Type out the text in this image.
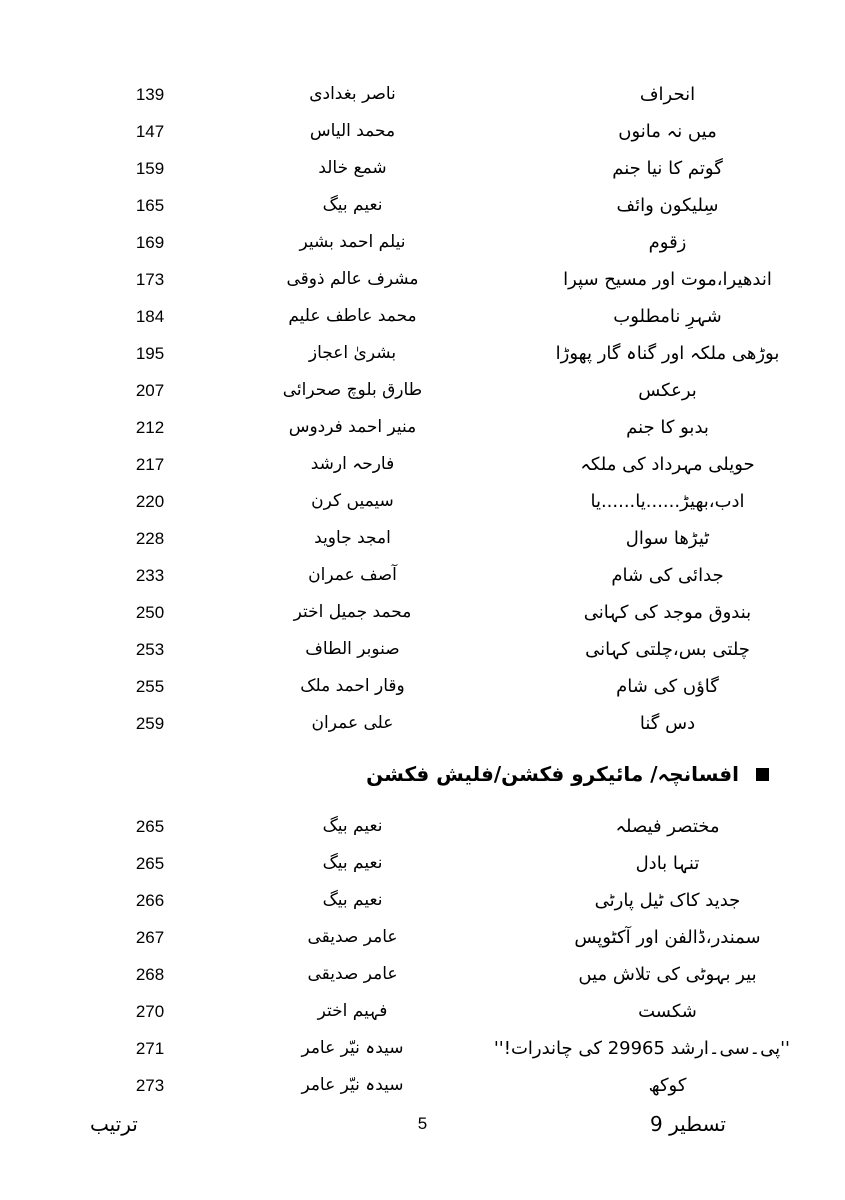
انحراف
ناصر بغدادی
139
میں نہ مانوں
محمد الیاس
147
گوتم کا نیا جنم
شمع خالد
159
سِلیکون وائف
نعیم بیگ
165
زقوم
نیلم احمد بشیر
169
اندھیرا،موت اور مسیح سپرا
مشرف عالم ذوقی
173
شہرِ نامطلوب
محمد عاطف علیم
184
بوڑھی ملکہ اور گناہ گار پھوڑا
بشریٰ اعجاز
195
برعکس
طارق بلوچ صحرائی
207
بدبو کا جنم
منیر احمد فردوس
212
حویلی مہرداد کی ملکہ
فارحہ ارشد
217
ادب،بھیڑ......یا......یا
سیمیں کرن
220
ٹیڑھا سوال
امجد جاوید
228
جدائی کی شام
آصف عمران
233
بندوق موجد کی کہانی
محمد جمیل اختر
250
چلتی بس،چلتی کہانی
صنوبر الطاف
253
گاؤں کی شام
وقار احمد ملک
255
دس گنا
علی عمران
259
افسانچہ/ مائیکرو فکشن/فلیش فکشن
مختصر فیصلہ
نعیم بیگ
265
تنہا بادل
نعیم بیگ
265
جدید کاک ٹیل پارٹی
نعیم بیگ
266
سمندر،ڈالفن اور آکٹوپس
عامر صدیقی
267
بیر بہوٹی کی تلاش میں
عامر صدیقی
268
شکست
فہیم اختر
270
''پی۔سی۔ارشد 29965 کی چاندرات!''
سیدہ نیّر عامر
271
کوکھ
سیدہ نیّر عامر
273
تسطیر 9
5
ترتیب
